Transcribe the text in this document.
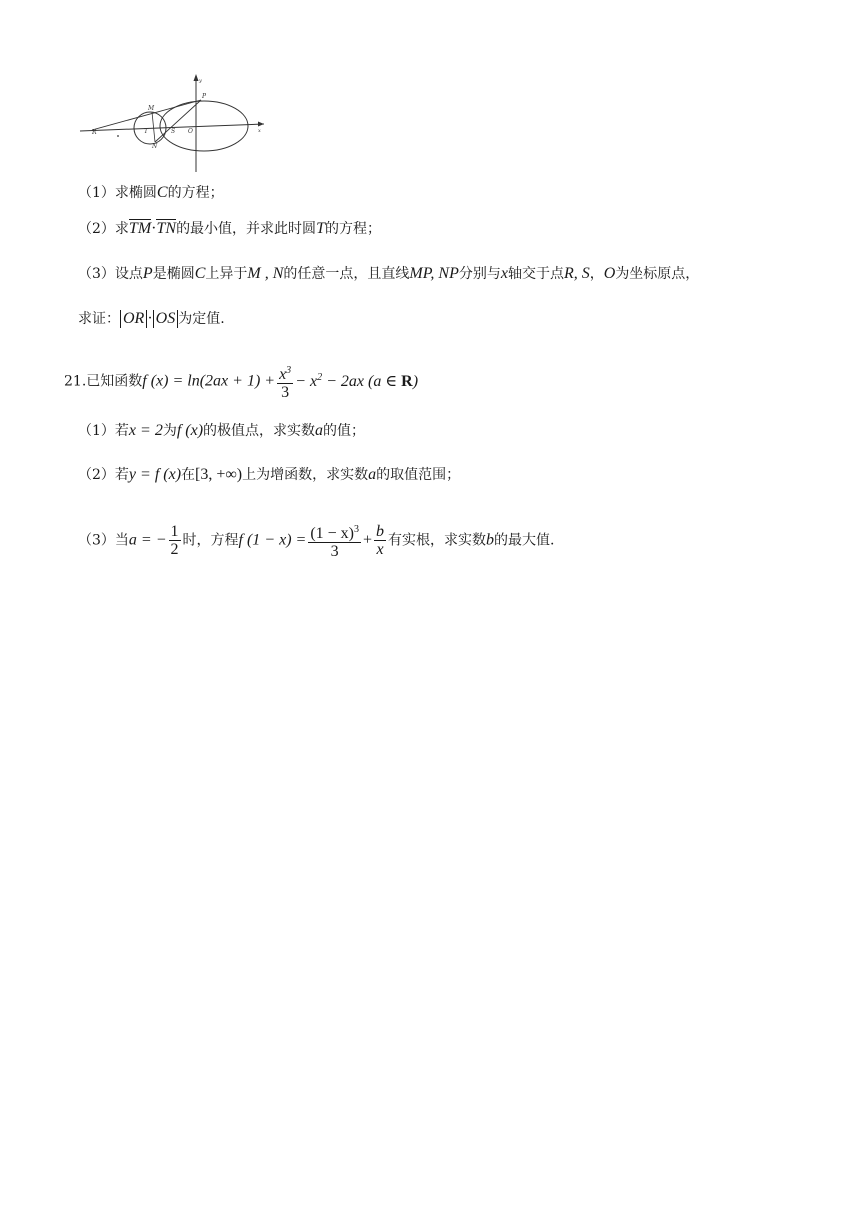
y
x
P
M
R	T	S O
N
（1）求椭圆C的方程；
（2）求TM·TN的最小值，并求此时圆T的方程；
（3）设点P是椭圆C上异于M , N的任意一点，且直线MP, NP分别与x轴交于点R, S，O为坐标原点，
求证： OR · OS 为定值.
21.已知函数f $(x) = \ln(2ax + 1) + \frac{x^3}{3} - x^2 - 2ax$ (a ∈ R)
（1）若x = 2为f (x)的极值点，求实数a的值；
（2）若y = f (x)在[3, +∞)上为增函数，求实数a的取值范围；
（3）当a = − $\frac{1}{2}$ 时，方程f $(1 - x) = \frac{(1 - x)^3}{3} + \frac{b}{x}$ 有实根，求实数b的最大值.
